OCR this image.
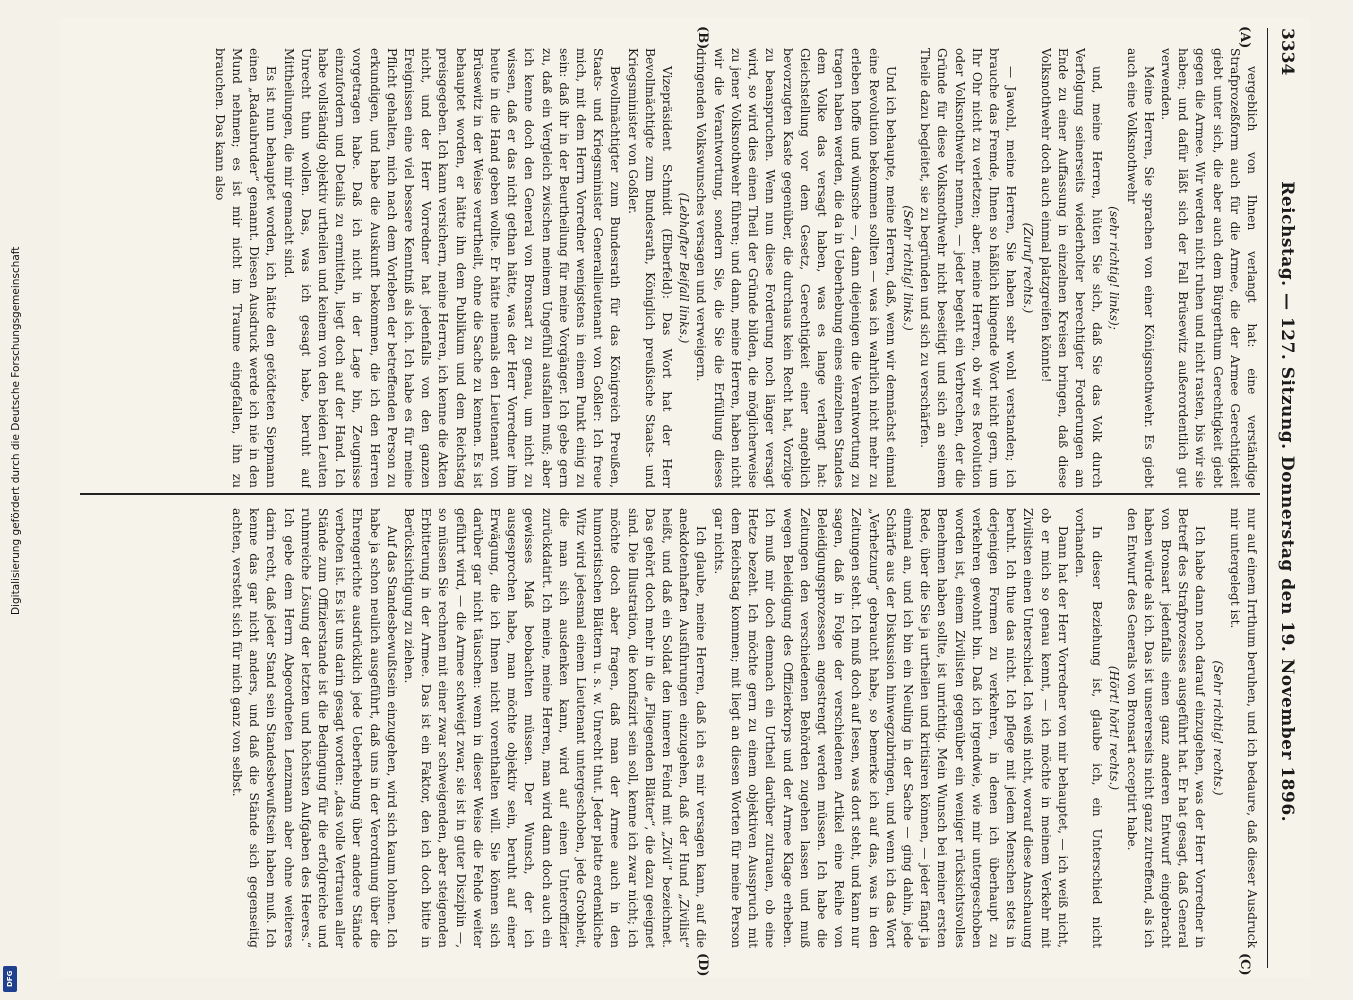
3334
Reichstag. — 127. Sitzung. Donnerstag den 19. November 1896.
(A)
(B)
(C)
(D)

vergeblich von Ihnen verlangt hat: eine verständige Strafprozeßform auch für die Armee, die der Armee Gerechtigkeit giebt unter sich, die aber auch dem Bürgerthum Gerechtigkeit giebt gegen die Armee. Wir werden nicht ruhen und nicht rasten, bis wir sie haben; und dafür läßt sich der Fall Brüsewitz außerordentlich gut verwenden.

Meine Herren, Sie sprachen von einer Königsnothwehr. Es giebt auch eine Volksnothwehr

(sehr richtig! links);

und, meine Herren, hüten Sie sich, daß Sie das Volk durch Verfolgung seinerseits wiederholter berechtigter Forderungen am Ende zu einer Auffassung in einzelnen Kreisen bringen, daß diese Volksnothwehr doch auch einmal platzgreifen könnte!

(Zuruf rechts.)

— Jawohl, meine Herren, Sie haben sehr wohl verstanden; ich brauche das Fremde, Ihnen so häßlich klingende Wort nicht gern, um Ihr Ohr nicht zu verletzen; aber, meine Herren, ob wir es Revolution oder Volksnothwehr nennen, — jeder begeht ein Verbrechen, der die Gründe für diese Volksnothwehr nicht beseitigt und sich an seinem Theile dazu begleitet, sie zu begründen und sich zu verschärfen.

(Sehr richtig! links.)

Und ich behaupte, meine Herren, daß, wenn wir demnächst einmal eine Revolution bekommen sollten — was ich wahrlich nicht mehr zu erleben hoffe und wünsche —, dann diejenigen die Verantwortung zu tragen haben werden, die da in Ueberhebung eines einzelnen Standes dem Volke das versagt haben, was es lange verlangt hat: Gleichstellung vor dem Gesetz, Gerechtigkeit einer angeblich bevorzugten Kaste gegenüber, die durchaus kein Recht hat, Vorzüge zu beanspruchen. Wenn nun diese Forderung noch länger versagt wird, so wird dies einen Theil der Gründe bilden, die möglicherweise zu jener Volksnothwehr führen; und dann, meine Herren, haben nicht wir die Verantwortung, sondern Sie, die Sie die Erfüllung dieses dringenden Volkswunsches versagen und verweigern.

(Lebhafter Beifall links.)

Vizepräsident Schmidt (Elberfeld): Das Wort hat der Herr Bevollmächtigte zum Bundesrath, Königlich preußische Staats- und Kriegsminister von Goßler.

Bevollmächtigter zum Bundesrath für das Königreich Preußen, Staats- und Kriegsminister Generallieutenant von Goßler: Ich freue mich, mit dem Herrn Vorredner wenigstens in einem Punkt einig zu sein: daß ihr in der Beurtheilung für meine Vorgänger. Ich gebe gern zu, daß ein Vergleich zwischen meinem Ungefühl ausfallen muß; aber ich kenne doch den General von Bronsart zu genau, um nicht zu wissen, daß er das nicht gethan hätte, was der Herr Vorredner ihm heute in die Hand geben wollte. Er hätte niemals den Lieutenant von Brüsewitz in der Weise verurtheilt, ohne die Sache zu kennen. Es ist behauptet worden, er hätte ihn dem Publikum und dem Reichstag preisgegeben. Ich kann versichern, meine Herren, ich kenne die Akten nicht, und der Herr Vorredner hat jedenfalls von den ganzen Ereignissen eine viel bessere Kenntniß als ich. Ich habe es für meine Pflicht gehalten, mich nach dem Vorleben der betreffenden Person zu erkundigen, und habe die Auskunft bekommen, die ich den Herren vorgetragen habe. Daß ich nicht in der Lage bin, Zeugnisse einzufordern und Details zu ermitteln, liegt doch auf der Hand. Ich habe vollständig objektiv urtheilen und keinem von den beiden Leuten Unrecht thun wollen. Das, was ich gesagt habe, beruht auf Mittheilungen, die mir gemacht sind.

Es ist nun behauptet worden, ich hätte den getödteten Siepmann einen „Radaubruder“ genannt. Diesen Ausdruck werde ich nie in den Mund nehmen; es ist mir nicht im Traume eingefallen, ihn zu brauchen. Das kann also

nur auf einem Irrthum beruhen, und ich bedaure, daß dieser Ausdruck mir untergelegt ist.

(Sehr richtig! rechts.)

Ich habe dann noch darauf einzugehen, was der Herr Vorredner in Betreff des Strafprozesses ausgeführt hat. Er hat gesagt, daß General von Bronsart jedenfalls einen ganz anderen Entwurf eingebracht haben würde als ich. Das ist unsererseits nicht ganz zutreffend, als ich den Entwurf des Generals von Bronsart acceptirt habe.

(Hört! hört! rechts.)

In dieser Beziehung ist, glaube ich, ein Unterschied nicht vorhanden.

Dann hat der Herr Vorredner von mir behauptet, — ich weiß nicht, ob er mich so genau kennt, — ich möchte in meinem Verkehr mit Zivilisten einen Unterschied. Ich weiß nicht, worauf diese Anschauung beruht. Ich thue das nicht. Ich pflege mit jedem Menschen stets in derjenigen Formen zu verkehren, in denen ich überhaupt zu verkehren gewohnt bin. Daß ich irgendwie, wie mir untergeschoben worden ist, einem Zivilisten gegenüber ein weniger rücksichtsvolles Benehmen haben sollte, ist unrichtig. Mein Wunsch bei meiner ersten Rede, über die Sie ja urtheilen und kritisiren können, — jeder fängt ja einmal an, und ich bin ein Neuling in der Sache — ging dahin, jede Schärfe aus der Diskussion hinwegzubringen, und wenn ich das Wort „Verhetzung“ gebraucht habe, so bemerke ich auf das, was in den Zeitungen steht. Ich muß doch auf lesen, was dort steht, und kann nur sagen, daß in Folge der verschiedenen Artikel eine Reihe von Beleidigungsprozessen angestrengt werden müssen. Ich habe die Zeitungen den verschiedenen Behörden zugehen lassen und muß wegen Beleidigung des Offizierkorps und der Armee Klage erheben. Ich muß mir doch demnach ein Urtheil darüber zutrauen, ob eine Hetze bezeht. Ich möchte gern zu einem objektiven Ausspruch mit dem Reichstag kommen; mit liegt an diesen Worten für meine Person gar nichts.

Ich glaube, meine Herren, daß ich es mir versagen kann, auf die anekdotenhaften Ausführungen einzugehen, daß der Hund „Zivilist“ heißt, und daß ein Soldat den inneren Feind mit „Zivil“ bezeichnet. Das gehört doch mehr in die „Fliegenden Blätter“, die dazu geeignet sind. Die Illustration, die konfiszirt sein soll, kenne ich zwar nicht; ich möchte doch aber fragen, daß man der Armee auch in den humoristischen Blättern u. s. w. Unrecht thut. Jeder platte erdenkliche Witz wird jedesmal einem Lieutenant untergeschoben, jede Grobheit, die man sich ausdenken kann, wird auf einen Unteroffizier zurückdatirt. Ich meine, meine Herren, man wird dann doch auch ein gewisses Maß beobachten müssen. Der Wunsch, der ich ausgesprochen habe, man möchte objektiv sein, beruht auf einer Erwägung, die ich Ihnen nicht vorenthalten will. Sie können sich darüber gar nicht täuschen: wenn in dieser Weise die Fehde weiter geführt wird, — die Armee schweigt zwar, sie ist in guter Disziplin —, so müssen Sie rechnen mit einer zwar schweigenden, aber steigenden Erbitterung in der Armee. Das ist ein Faktor, den ich doch bitte in Berücksichtigung zu ziehen.

Auf das Standesbewußtsein einzugehen, wird sich kaum lohnen. Ich habe ja schon neulich ausgeführt, daß uns in der Verordnung über die Ehrengerichte ausdrücklich jede Ueberhebung über andere Stände verboten ist. Es ist uns darin gesagt worden: „das volle Vertrauen aller Stände zum Offizierstande ist die Bedingung für die erfolgreiche und ruhmreiche Lösung der letzten und höchsten Aufgaben des Heeres.“ Ich gebe dem Herrn Abgeordneten Lenzmann aber ohne weiteres darin recht, daß jeder Stand sein Standesbewußtsein haben muß. Ich kenne das gar nicht anders, und daß die Stände sich gegenseitig achten, versteht sich für mich ganz von selbst.

Digitalisierung gefördert durch die Deutsche Forschungsgemeinschaft
DFG
